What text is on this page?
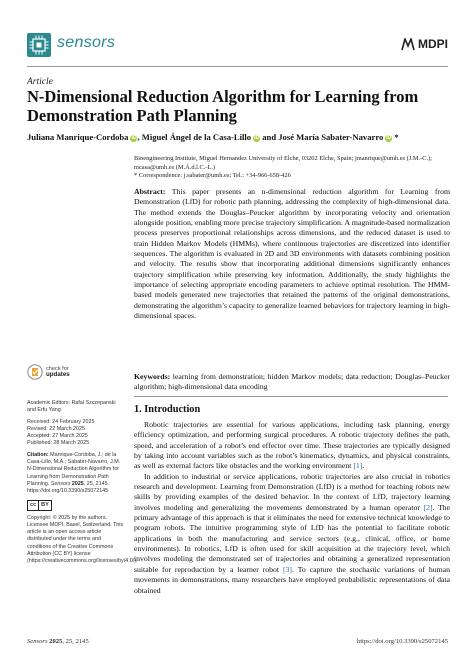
sensors	MDPI
Article
N-Dimensional Reduction Algorithm for Learning from
Demonstration Path Planning
Juliana Manrique-Cordoba iD, Miguel Ángel de la Casa-Lillo iD and José María Sabater-Navarro iD *
Bioengineering Institute, Miguel Hernandez University of Elche, 03202 Elche, Spain; jmanrique@umh.es (J.M.-C.);
mcasa@umh.es (M.Á.d.l.C.-L.)
* Correspondence: j.sabater@umh.es; Tel.: +34-966-658-426
Abstract: This paper presents an n-dimensional reduction algorithm for Learning from Demonstration (LfD) for robotic path planning, addressing the complexity of high-dimensional data. The method extends the Douglas–Peucker algorithm by incorporating velocity and orientation alongside position, enabling more precise trajectory simplification. A magnitude-based normalization process preserves proportional relationships across dimensions, and the reduced dataset is used to train Hidden Markov Models (HMMs), where continuous trajectories are discretized into identifier sequences. The algorithm is evaluated in 2D and 3D environments with datasets combining position and velocity. The results show that incorporating additional dimensions significantly enhances trajectory simplification while preserving key information. Additionally, the study highlights the importance of selecting appropriate encoding parameters to achieve optimal resolution. The HMM-based models generated new trajectories that retained the patterns of the original demonstrations, demonstrating the algorithm’s capacity to generalize learned behaviors for trajectory learning in high-dimensional spaces.
Keywords: learning from demonstration; hidden Markov models; data reduction; Douglas–Peucker algorithm; high-dimensional data encoding
1. Introduction

Robotic trajectories are essential for various applications, including task planning, energy efficiency optimization, and performing surgical procedures. A robotic trajectory defines the path, speed, and acceleration of a robot’s end effector over time. These trajectories are typically designed by taking into account variables such as the robot’s kinematics, dynamics, and physical constraints, as well as external factors like obstacles and the working environment [1].

In addition to industrial or service applications, robotic trajectories are also crucial in robotics research and development. Learning from Demonstration (LfD) is a method for teaching robots new skills by providing examples of the desired behavior. In the context of LfD, trajectory learning involves modeling and generalizing the movements demonstrated by a human operator [2]. The primary advantage of this approach is that it eliminates the need for extensive technical knowledge to program robots. The intuitive programming style of LfD has the potential to facilitate robotic applications in both the manufacturing and service sectors (e.g., clinical, office, or home environments). In robotics, LfD is often used for skill acquisition at the trajectory level, which involves modeling the demonstrated set of trajectories and obtaining a generalized representation suitable for reproduction by a learner robot [3]. To capture the stochastic variations of human movements in demonstrations, many researchers have employed probabilistic representations of data obtained

check for
updates
Academic Editors: Rafal Szczepanski and Erfu Yang
Received: 24 February 2025
Revised: 22 March 2025
Accepted: 27 March 2025
Published: 28 March 2025
Citation: Manrique-Cordoba, J.; de la Casa-Lillo, M.Á.; Sabater-Navarro, J.M. N-Dimensional Reduction Algorithm for Learning from Demonstration Path Planning. Sensors 2025, 25, 2145. https://doi.org/10.3390/s25072145
cc BY
Copyright: © 2025 by the authors. Licensee MDPI, Basel, Switzerland. This article is an open access article distributed under the terms and conditions of the Creative Commons Attribution (CC BY) license (https://creativecommons.org/licenses/by/4.0/).
Sensors 2025, 25, 2145	https://doi.org/10.3390/s25072145
